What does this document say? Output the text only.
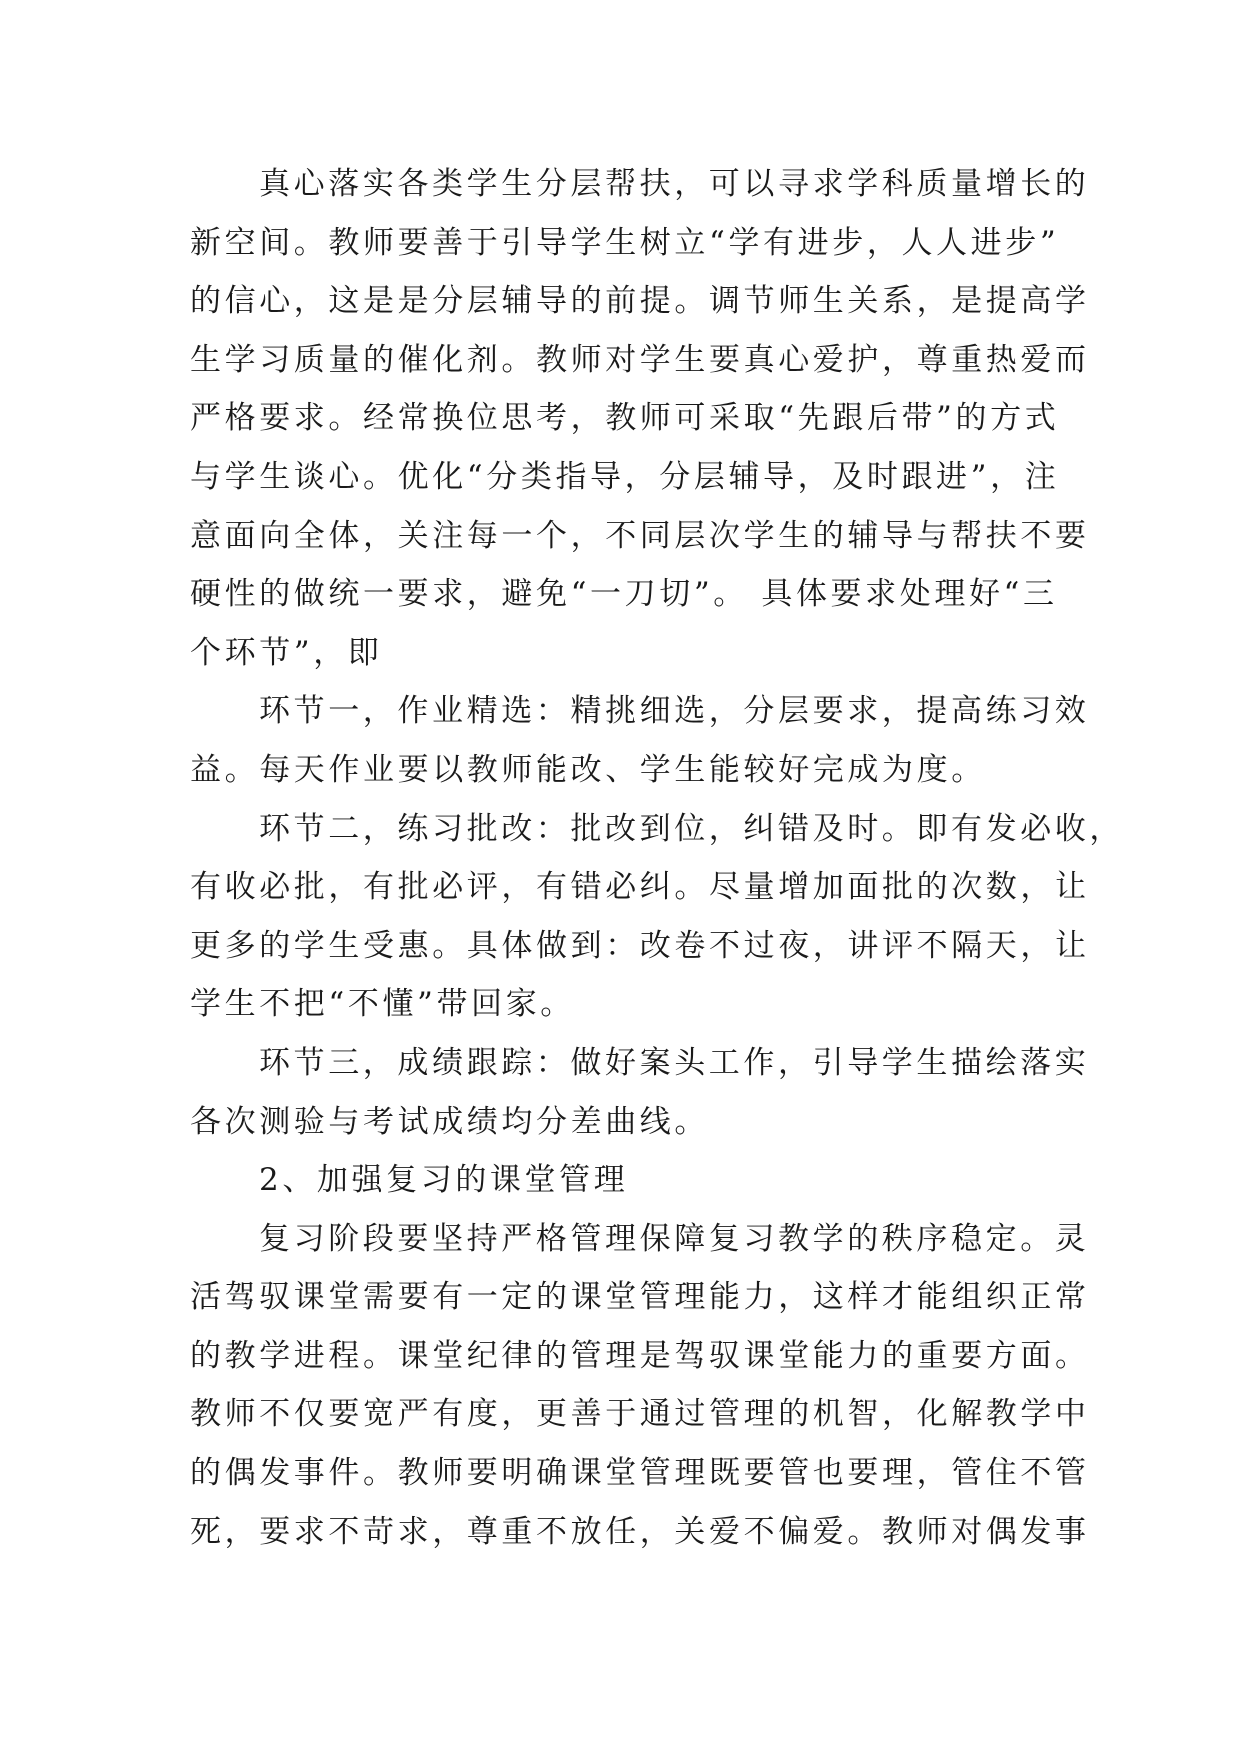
真心落实各类学生分层帮扶，可以寻求学科质量增长的
新空间。教师要善于引导学生树立“学有进步，人人进步”
的信心，这是是分层辅导的前提。调节师生关系，是提高学
生学习质量的催化剂。教师对学生要真心爱护，尊重热爱而
严格要求。经常换位思考，教师可采取“先跟后带”的方式
与学生谈心。优化“分类指导，分层辅导，及时跟进”，注
意面向全体，关注每一个，不同层次学生的辅导与帮扶不要
硬性的做统一要求，避免“一刀切”。 具体要求处理好“三
个环节”，即
环节一，作业精选：精挑细选，分层要求，提高练习效
益。每天作业要以教师能改、学生能较好完成为度。
环节二，练习批改：批改到位，纠错及时。即有发必收，
有收必批，有批必评，有错必纠。尽量增加面批的次数，让
更多的学生受惠。具体做到：改卷不过夜，讲评不隔天，让
学生不把“不懂”带回家。
环节三，成绩跟踪：做好案头工作，引导学生描绘落实
各次测验与考试成绩均分差曲线。
2、加强复习的课堂管理
复习阶段要坚持严格管理保障复习教学的秩序稳定。灵
活驾驭课堂需要有一定的课堂管理能力，这样才能组织正常
的教学进程。课堂纪律的管理是驾驭课堂能力的重要方面。
教师不仅要宽严有度，更善于通过管理的机智，化解教学中
的偶发事件。教师要明确课堂管理既要管也要理，管住不管
死，要求不苛求，尊重不放任，关爱不偏爱。教师对偶发事
